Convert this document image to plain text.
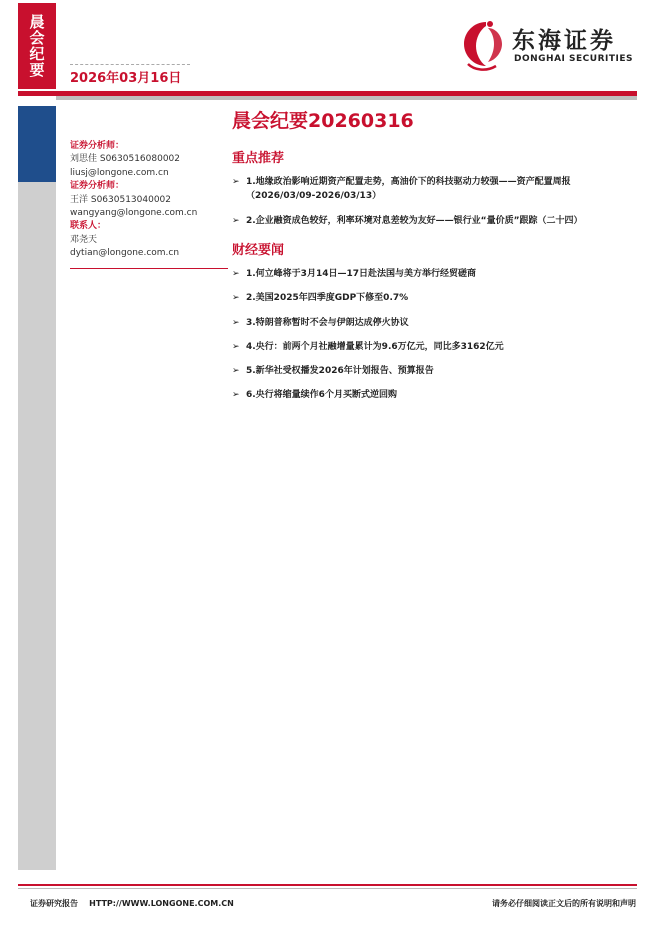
晨会纪要
2026年03月16日
东海证券
DONGHAI SECURITIES
证券分析师：
刘思佳 S0630516080002
liusj@longone.com.cn
证券分析师：
王洋 S0630513040002
wangyang@longone.com.cn
联系人：
邓尧天
dytian@longone.com.cn
晨会纪要20260316
重点推荐
➢ 1.地缘政治影响近期资产配置走势，高油价下的科技驱动力较强——资产配置周报（2026/03/09-2026/03/13）
➢ 2.企业融资成色较好，利率环境对息差较为友好——银行业“量价质”跟踪（二十四）
财经要闻
➢ 1.何立峰将于3月14日—17日赴法国与美方举行经贸磋商
➢ 2.美国2025年四季度GDP下修至0.7%
➢ 3.特朗普称暂时不会与伊朗达成停火协议
➢ 4.央行：前两个月社融增量累计为9.6万亿元，同比多3162亿元
➢ 5.新华社受权播发2026年计划报告、预算报告
➢ 6.央行将缩量续作6个月买断式逆回购
证券研究报告    HTTP://WWW.LONGONE.COM.CN	请务必仔细阅读正文后的所有说明和声明
